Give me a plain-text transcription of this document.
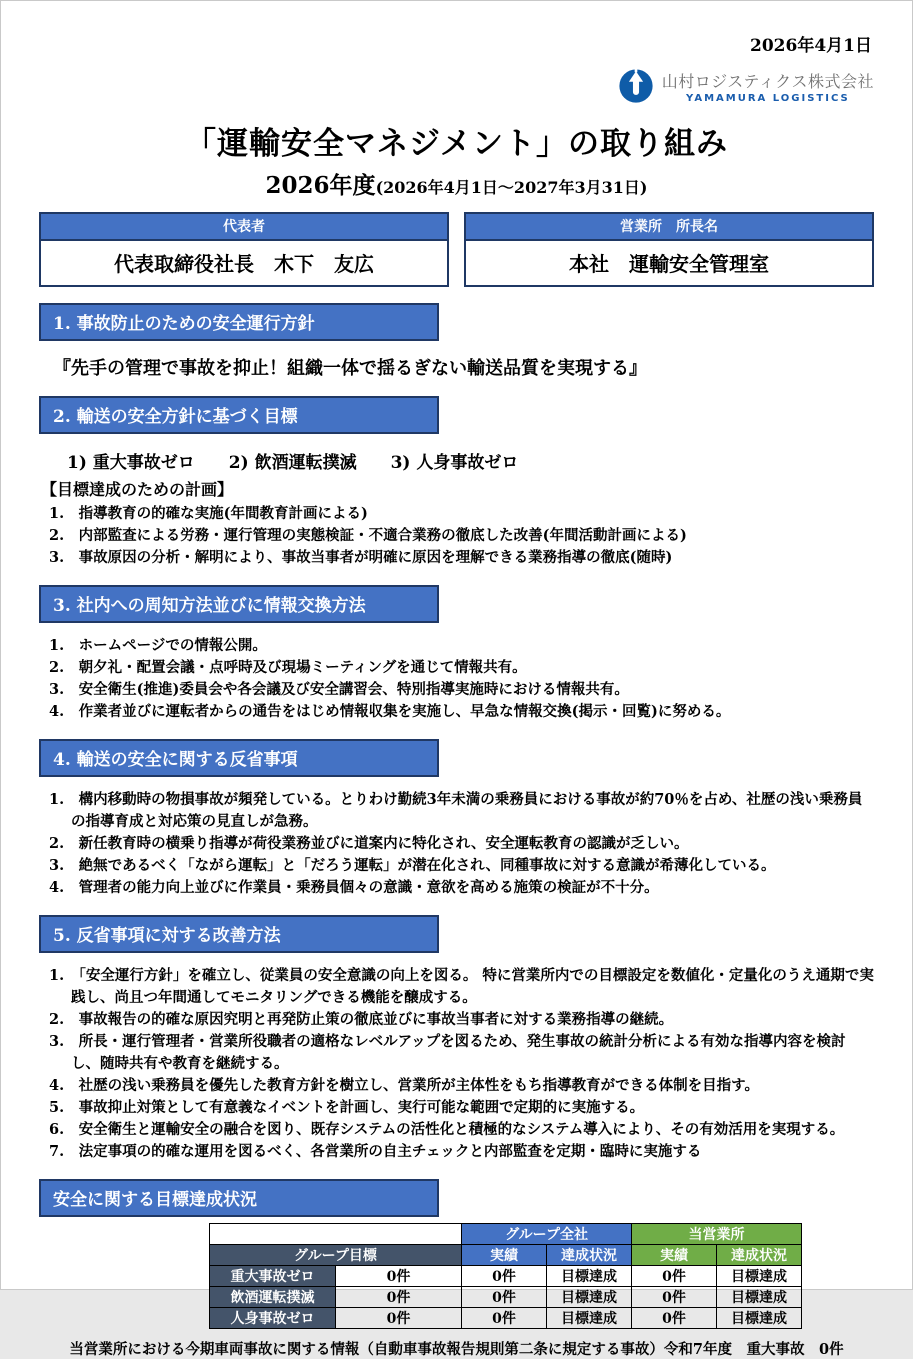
2026年4月1日
山村ロジスティクス株式会社
YAMAMURA LOGISTICS
「運輸安全マネジメント」の取り組み
2026年度(2026年4月1日～2027年3月31日)
代表者
代表取締役社長　木下　友広
営業所　所長名
本社　運輸安全管理室
1. 事故防止のための安全運行方針
『先手の管理で事故を抑止！組織一体で揺るぎない輸送品質を実現する』
2. 輸送の安全方針に基づく目標
1) 重大事故ゼロ　　2) 飲酒運転撲滅　　3) 人身事故ゼロ
【目標達成のための計画】
1.　指導教育の的確な実施(年間教育計画による)
2.　内部監査による労務・運行管理の実態検証・不適合業務の徹底した改善(年間活動計画による)
3.　事故原因の分析・解明により、事故当事者が明確に原因を理解できる業務指導の徹底(随時)
3. 社内への周知方法並びに情報交換方法
1.　ホームページでの情報公開。
2.　朝夕礼・配置会議・点呼時及び現場ミーティングを通じて情報共有。
3.　安全衛生(推進)委員会や各会議及び安全講習会、特別指導実施時における情報共有。
4.　作業者並びに運転者からの通告をはじめ情報収集を実施し、早急な情報交換(掲示・回覧)に努める。
4. 輸送の安全に関する反省事項
1.　構内移動時の物損事故が頻発している。とりわけ勤続3年未満の乗務員における事故が約70％を占め、社歴の浅い乗務員の指導育成と対応策の見直しが急務。
2.　新任教育時の横乗り指導が荷役業務並びに道案内に特化され、安全運転教育の認識が乏しい。
3.　絶無であるべく「ながら運転」と「だろう運転」が潜在化され、同種事故に対する意識が希薄化している。
4.　管理者の能力向上並びに作業員・乗務員個々の意識・意欲を高める施策の検証が不十分。
5. 反省事項に対する改善方法
1.　「安全運行方針」を確立し、従業員の安全意識の向上を図る。 特に営業所内での目標設定を数値化・定量化のうえ通期で実践し、尚且つ年間通してモニタリングできる機能を醸成する。
2.　事故報告の的確な原因究明と再発防止策の徹底並びに事故当事者に対する業務指導の継続。
3.　所長・運行管理者・営業所役職者の適格なレベルアップを図るため、発生事故の統計分析による有効な指導内容を検討し、随時共有や教育を継続する。
4.　社歴の浅い乗務員を優先した教育方針を樹立し、営業所が主体性をもち指導教育ができる体制を目指す。
5.　事故抑止対策として有意義なイベントを計画し、実行可能な範囲で定期的に実施する。
6.　安全衛生と運輸安全の融合を図り、既存システムの活性化と積極的なシステム導入により、その有効活用を実現する。
7.　法定事項の的確な運用を図るべく、各営業所の自主チェックと内部監査を定期・臨時に実施する
安全に関する目標達成状況
		グループ全社		当営業所	
グループ目標		実績	達成状況	実績	達成状況
重大事故ゼロ	0件	0件	目標達成	0件	目標達成
飲酒運転撲滅	0件	0件	目標達成	0件	目標達成
人身事故ゼロ	0件	0件	目標達成	0件	目標達成
当営業所における今期車両事故に関する情報（自動車事故報告規則第二条に規定する事故）令和7年度　重大事故　0件
